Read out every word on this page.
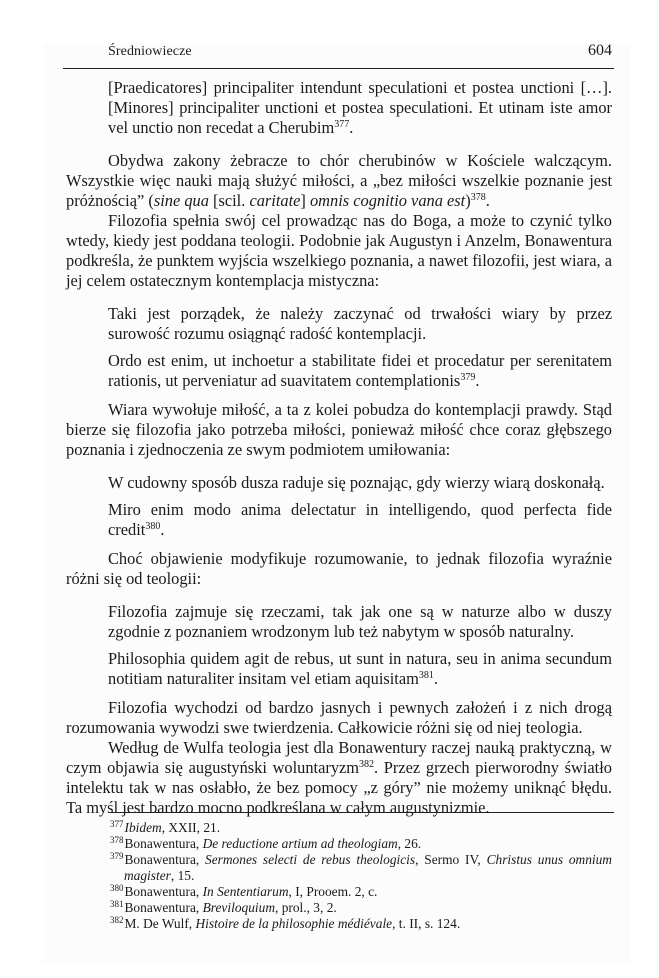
Średniowiecze	604

[Praedicatores] principaliter intendunt speculationi et postea unctioni […]. [Minores] principaliter unctioni et postea speculationi. Et utinam iste amor vel unctio non recedat a Cherubim$^{377}$.

Obydwa zakony żebracze to chór cherubinów w Kościele walczącym. Wszystkie więc nauki mają służyć miłości, a „bez miłości wszelkie poznanie jest próżnością” (sine qua [scil. caritate] omnis cognitio vana est)$^{378}$.

Filozofia spełnia swój cel prowadząc nas do Boga, a może to czynić tylko wtedy, kiedy jest poddana teologii. Podobnie jak Augustyn i Anzelm, Bonawentura podkreśla, że punktem wyjścia wszelkiego poznania, a nawet filozofii, jest wiara, a jej celem ostatecznym kontemplacja mistyczna:

Taki jest porządek, że należy zaczynać od trwałości wiary by przez surowość rozumu osiągnąć radość kontemplacji.

Ordo est enim, ut inchoetur a stabilitate fidei et procedatur per serenitatem rationis, ut perveniatur ad suavitatem contemplationis$^{379}$.

Wiara wywołuje miłość, a ta z kolei pobudza do kontemplacji prawdy. Stąd bierze się filozofia jako potrzeba miłości, ponieważ miłość chce coraz głębszego poznania i zjednoczenia ze swym podmiotem umiłowania:

W cudowny sposób dusza raduje się poznając, gdy wierzy wiarą doskonałą.

Miro enim modo anima delectatur in intelligendo, quod perfecta fide credit$^{380}$.

Choć objawienie modyfikuje rozumowanie, to jednak filozofia wyraźnie różni się od teologii:

Filozofia zajmuje się rzeczami, tak jak one są w naturze albo w duszy zgodnie z poznaniem wrodzonym lub też nabytym w sposób naturalny.

Philosophia quidem agit de rebus, ut sunt in natura, seu in anima secundum notitiam naturaliter insitam vel etiam aquisitam$^{381}$.

Filozofia wychodzi od bardzo jasnych i pewnych założeń i z nich drogą rozumowania wywodzi swe twierdzenia. Całkowicie różni się od niej teologia.

Według de Wulfa teologia jest dla Bonawentury raczej nauką praktyczną, w czym objawia się augustyński woluntaryzm$^{382}$. Przez grzech pierworodny światło intelektu tak w nas osłabło, że bez pomocy „z góry” nie możemy uniknąć błędu. Ta myśl jest bardzo mocno podkreślana w całym augustynizmie.

$^{377}$Ibidem, XXII, 21.

$^{378}$Bonawentura, De reductione artium ad theologiam, 26.

$^{379}$Bonawentura, Sermones selecti de rebus theologicis, Sermo IV, Christus unus omnium magister, 15.

$^{380}$Bonawentura, In Sententiarum, I, Prooem. 2, c.

$^{381}$Bonawentura, Breviloquium, prol., 3, 2.

$^{382}$M. De Wulf, Histoire de la philosophie médiévale, t. II, s. 124.
